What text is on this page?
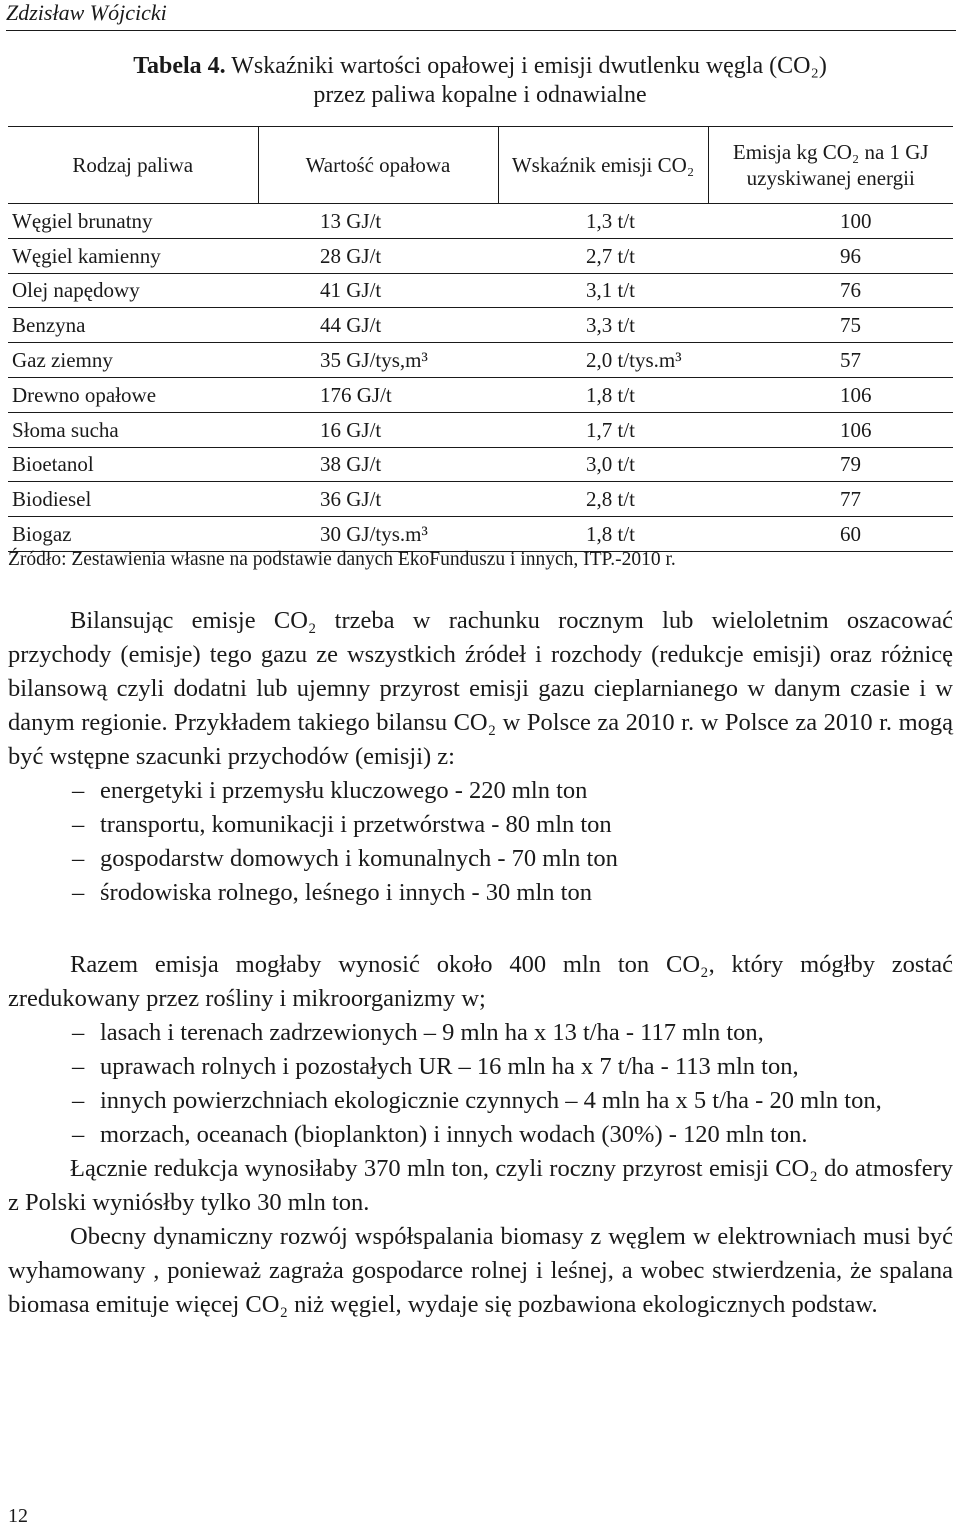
Zdzisław Wójcicki
Tabela 4. Wskaźniki wartości opałowej i emisji dwutlenku węgla (CO₂)
przez paliwa kopalne i odnawialne
Rodzaj paliwa	Wartość opałowa	Wskaźnik emisji CO₂	Emisja kg CO₂ na 1 GJ uzyskiwanej energii
Węgiel brunatny	13 GJ/t	1,3 t/t	100
Węgiel kamienny	28 GJ/t	2,7 t/t	96
Olej napędowy	41 GJ/t	3,1 t/t	76
Benzyna	44 GJ/t	3,3 t/t	75
Gaz ziemny	35 GJ/tys,m³	2,0 t/tys.m³	57
Drewno opałowe	176 GJ/t	1,8 t/t	106
Słoma sucha	16 GJ/t	1,7 t/t	106
Bioetanol	38 GJ/t	3,0 t/t	79
Biodiesel	36 GJ/t	2,8 t/t	77
Biogaz	30 GJ/tys.m³	1,8 t/t	60
Źródło: Zestawienia własne na podstawie danych EkoFunduszu i innych, ITP.-2010 r.

Bilansując emisje CO₂ trzeba w rachunku rocznym lub wieloletnim oszacować przychody (emisje) tego gazu ze wszystkich źródeł i rozchody (redukcje emisji) oraz różnicę bilansową czyli dodatni lub ujemny przyrost emisji gazu cieplarnianego w danym czasie i w danym regionie. Przykładem takiego bilansu CO₂ w Polsce za 2010 r. w Polsce za 2010 r. mogą być wstępne szacunki przychodów (emisji) z:

– energetyki i przemysłu kluczowego - 220 mln ton
– transportu, komunikacji i przetwórstwa - 80 mln ton
– gospodarstw domowych i komunalnych - 70 mln ton
– środowiska rolnego, leśnego i innych - 30 mln ton

Razem emisja mogłaby wynosić około 400 mln ton CO₂, który mógłby zostać zredukowany przez rośliny i mikroorganizmy w;

– lasach i terenach zadrzewionych – 9 mln ha x 13 t/ha - 117 mln ton,
– uprawach rolnych i pozostałych UR – 16 mln ha x 7 t/ha - 113 mln ton,
– innych powierzchniach ekologicznie czynnych – 4 mln ha x 5 t/ha - 20 mln ton,
– morzach, oceanach (bioplankton) i innych wodach (30%) - 120 mln ton.

Łącznie redukcja wynosiłaby 370 mln ton, czyli roczny przyrost emisji CO₂ do atmosfery z Polski wyniósłby tylko 30 mln ton.

Obecny dynamiczny rozwój współspalania biomasy z węglem w elektrowniach musi być wyhamowany , ponieważ zagraża gospodarce rolnej i leśnej, a wobec stwierdzenia, że spalana biomasa emituje więcej CO₂ niż węgiel, wydaje się pozbawiona ekologicznych podstaw.

12
